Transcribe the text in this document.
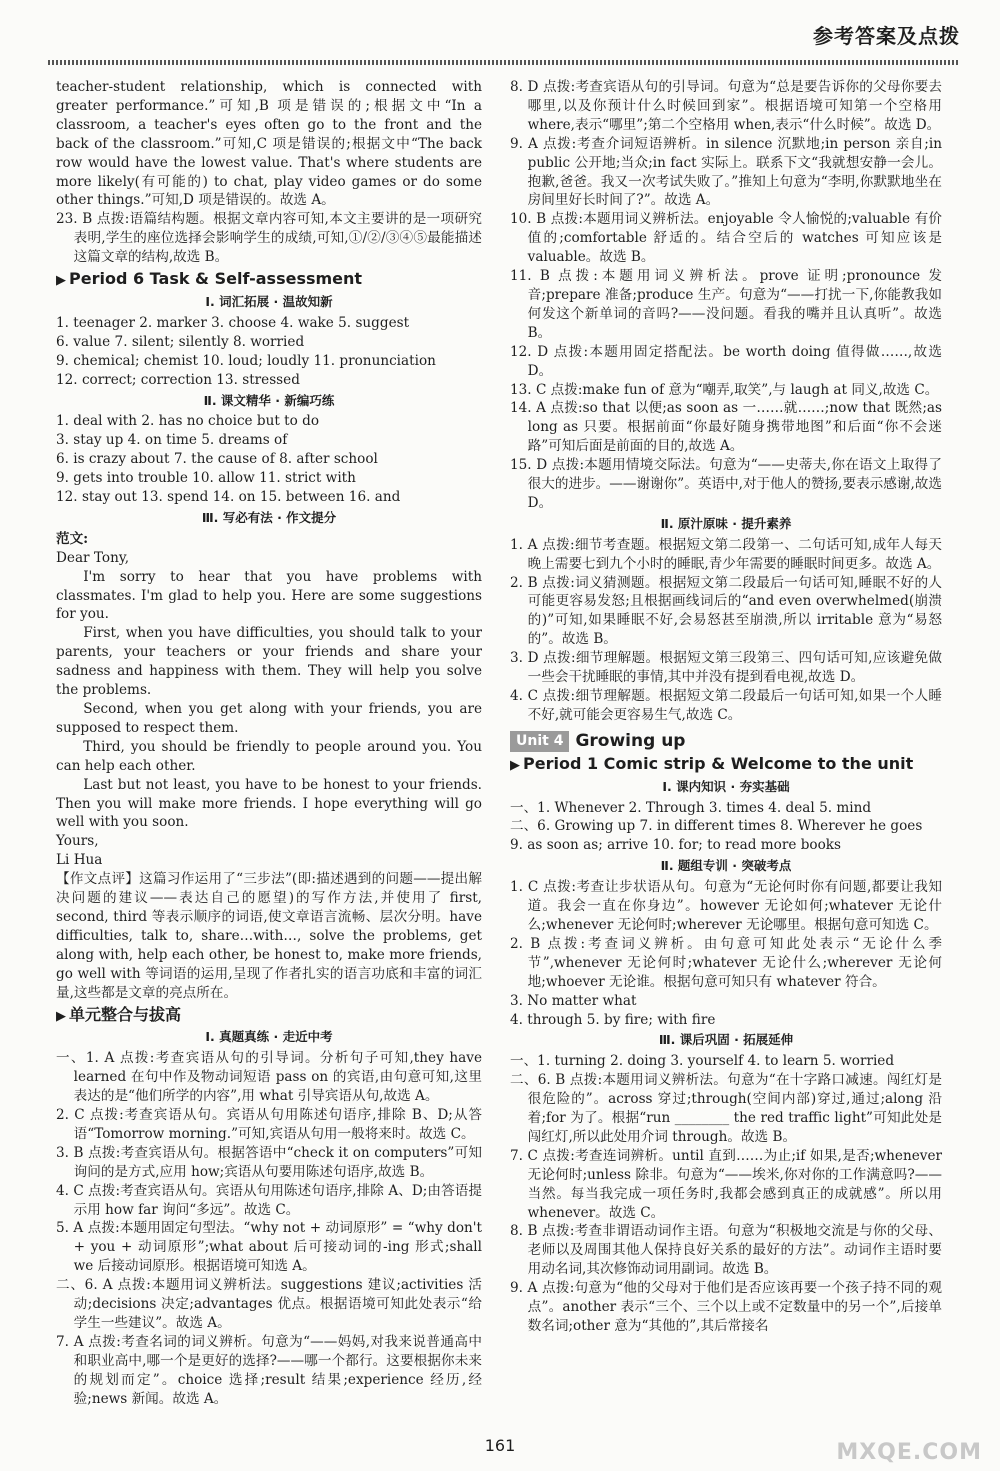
参考答案及点拨

teacher-student relationship, which is connected with greater performance.”可知,B 项是错误的;根据文中“In a classroom, a teacher's eyes often go to the front and the back of the classroom.”可知,C 项是错误的;根据文中“The back row would have the lowest value. That's where students are more likely(有可能的) to chat, play video games or do some other things.”可知,D 项是错误的。故选 A。

23. B 点拨:语篇结构题。根据文章内容可知,本文主要讲的是一项研究表明,学生的座位选择会影响学生的成绩,可知,①/②/③④⑤最能描述这篇文章的结构,故选 B。

▶ Period 6 Task & Self-assessment

Ⅰ. 词汇拓展 · 温故知新

1. teenager 2. marker 3. choose 4. wake 5. suggest

6. value 7. silent; silently 8. worried

9. chemical; chemist 10. loud; loudly 11. pronunciation

12. correct; correction 13. stressed

Ⅱ. 课文精华 · 新编巧练

1. deal with 2. has no choice but to do

3. stay up 4. on time 5. dreams of

6. is crazy about 7. the cause of 8. after school

9. gets into trouble 10. allow 11. strict with

12. stay out 13. spend 14. on 15. between 16. and

Ⅲ. 写必有法 · 作文提分

范文:

Dear Tony,

I'm sorry to hear that you have problems with classmates. I'm glad to help you. Here are some suggestions for you.

First, when you have difficulties, you should talk to your parents, your teachers or your friends and share your sadness and happiness with them. They will help you solve the problems.

Second, when you get along with your friends, you are supposed to respect them.

Third, you should be friendly to people around you. You can help each other.

Last but not least, you have to be honest to your friends. Then you will make more friends. I hope everything will go well with you soon.

Yours,

Li Hua

【作文点评】这篇习作运用了“三步法”(即:描述遇到的问题——提出解决问题的建议——表达自己的愿望)的写作方法,并使用了 first, second, third 等表示顺序的词语,使文章语言流畅、层次分明。have difficulties, talk to, share…with…, solve the problems, get along with, help each other, be honest to, make more friends, go well with 等词语的运用,呈现了作者扎实的语言功底和丰富的词汇量,这些都是文章的亮点所在。

▶ 单元整合与拔高

Ⅰ. 真题真练 · 走近中考

一、1. A 点拨:考查宾语从句的引导词。分析句子可知,they have learned 在句中作及物动词短语 pass on 的宾语,由句意可知,这里表达的是“他们所学的内容”,用 what 引导宾语从句,故选 A。

2. C 点拨:考查宾语从句。宾语从句用陈述句语序,排除 B、D;从答语“Tomorrow morning.”可知,宾语从句用一般将来时。故选 C。

3. B 点拨:考查宾语从句。根据答语中“check it on computers”可知询问的是方式,应用 how;宾语从句要用陈述句语序,故选 B。

4. C 点拨:考查宾语从句。宾语从句用陈述句语序,排除 A、D;由答语提示用 how far 询问“多远”。故选 C。

5. A 点拨:本题用固定句型法。“why not + 动词原形” = “why don't + you + 动词原形”;what about 后可接动词的-ing 形式;shall we 后接动词原形。根据语境可知选 A。

二、6. A 点拨:本题用词义辨析法。suggestions 建议;activities 活动;decisions 决定;advantages 优点。根据语境可知此处表示“给学生一些建议”。故选 A。

7. A 点拨:考查名词的词义辨析。句意为“——妈妈,对我来说普通高中和职业高中,哪一个是更好的选择?——哪一个都行。这要根据你未来的规划而定”。choice 选择;result 结果;experience 经历,经验;news 新闻。故选 A。

8. D 点拨:考查宾语从句的引导词。句意为“总是要告诉你的父母你要去哪里,以及你预计什么时候回到家”。根据语境可知第一个空格用 where,表示“哪里”;第二个空格用 when,表示“什么时候”。故选 D。

9. A 点拨:考查介词短语辨析。in silence 沉默地;in person 亲自;in public 公开地;当众;in fact 实际上。联系下文“我就想安静一会儿。抱歉,爸爸。我又一次考试失败了。”推知上句意为“李明,你默默地坐在房间里好长时间了?”。故选 A。

10. B 点拨:本题用词义辨析法。enjoyable 令人愉悦的;valuable 有价值的;comfortable 舒适的。结合空后的 watches 可知应该是 valuable。故选 B。

11. B 点拨:本题用词义辨析法。prove 证明;pronounce 发音;prepare 准备;produce 生产。句意为“——打扰一下,你能教我如何发这个新单词的音吗?——没问题。看我的嘴并且认真听”。故选 B。

12. D 点拨:本题用固定搭配法。be worth doing 值得做……,故选 D。

13. C 点拨:make fun of 意为“嘲弄,取笑”,与 laugh at 同义,故选 C。

14. A 点拨:so that 以便;as soon as 一……就……;now that 既然;as long as 只要。根据前面“你最好随身携带地图”和后面“你不会迷路”可知后面是前面的目的,故选 A。

15. D 点拨:本题用情境交际法。句意为“——史蒂夫,你在语文上取得了很大的进步。——谢谢你”。英语中,对于他人的赞扬,要表示感谢,故选 D。

Ⅱ. 原汁原味 · 提升素养

1. A 点拨:细节考查题。根据短文第二段第一、二句话可知,成年人每天晚上需要七到九个小时的睡眠,青少年需要的睡眠时间更多。故选 A。

2. B 点拨:词义猜测题。根据短文第二段最后一句话可知,睡眠不好的人可能更容易发怒;且根据画线词后的“and even overwhelmed(崩溃的)”可知,如果睡眠不好,会易怒甚至崩溃,所以 irritable 意为“易怒的”。故选 B。

3. D 点拨:细节理解题。根据短文第三段第三、四句话可知,应该避免做一些会干扰睡眠的事情,其中并没有提到看电视,故选 D。

4. C 点拨:细节理解题。根据短文第二段最后一句话可知,如果一个人睡不好,就可能会更容易生气,故选 C。

Unit 4 Growing up
▶ Period 1 Comic strip & Welcome to the unit

Ⅰ. 课内知识 · 夯实基础

一、1. Whenever 2. Through 3. times 4. deal 5. mind

二、6. Growing up 7. in different times 8. Wherever he goes

9. as soon as; arrive 10. for; to read more books

Ⅱ. 题组专训 · 突破考点

1. C 点拨:考查让步状语从句。句意为“无论何时你有问题,都要让我知道。我会一直在你身边”。however 无论如何;whatever 无论什么;whenever 无论何时;wherever 无论哪里。根据句意可知选 C。

2. B 点拨:考查词义辨析。由句意可知此处表示“无论什么季节”,whenever 无论何时;whatever 无论什么;wherever 无论何地;whoever 无论谁。根据句意可知只有 whatever 符合。

3. No matter what

4. through 5. by fire; with fire

Ⅲ. 课后巩固 · 拓展延伸

一、1. turning 2. doing 3. yourself 4. to learn 5. worried

二、6. B 点拨:本题用词义辨析法。句意为“在十字路口减速。闯红灯是很危险的”。across 穿过;through(空间内部)穿过,通过;along 沿着;for 为了。根据“run ________ the red traffic light”可知此处是闯红灯,所以此处用介词 through。故选 B。

7. C 点拨:考查连词辨析。until 直到……为止;if 如果,是否;whenever 无论何时;unless 除非。句意为“——埃米,你对你的工作满意吗?——当然。每当我完成一项任务时,我都会感到真正的成就感”。所以用 whenever。故选 C。

8. B 点拨:考查非谓语动词作主语。句意为“积极地交流是与你的父母、老师以及周围其他人保持良好关系的最好的方法”。动词作主语时要用动名词,其次修饰动词用副词。故选 B。

9. A 点拨:句意为“他的父母对于他们是否应该再要一个孩子持不同的观点”。another 表示“三个、三个以上或不定数量中的另一个”,后接单数名词;other 意为“其他的”,其后常接名

161	MXQE.COM
